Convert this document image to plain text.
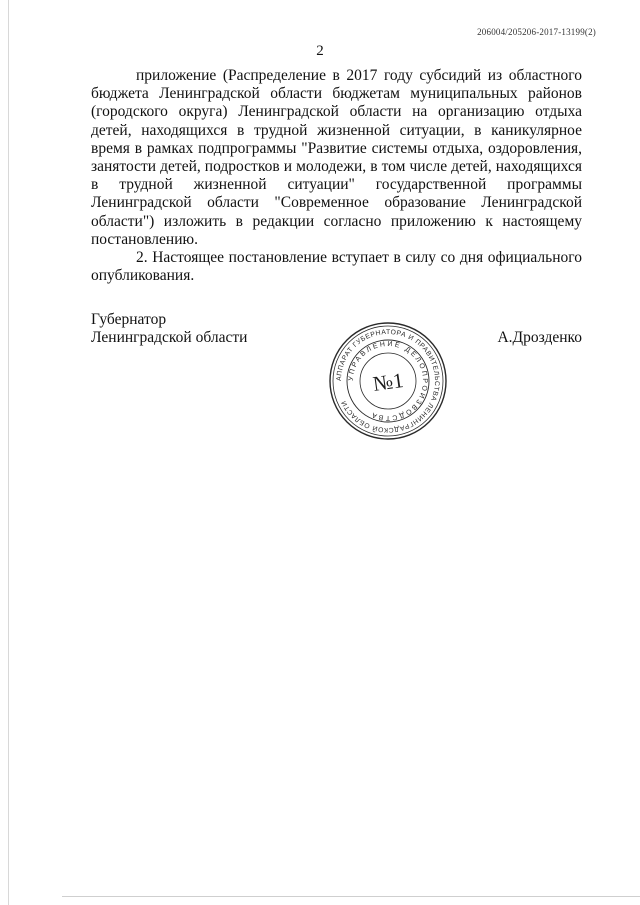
206004/205206-2017-13199(2)
2

приложение (Распределение в 2017 году субсидий из областного бюджета Ленинградской области бюджетам муниципальных районов (городского округа) Ленинградской области на организацию отдыха детей, находящихся в трудной жизненной ситуации, в каникулярное время в рамках подпрограммы "Развитие системы отдыха, оздоровления, занятости детей, подростков и молодежи, в том числе детей, находящихся в трудной жизненной ситуации" государственной программы Ленинградской области "Современное образование Ленинградской области") изложить в редакции согласно приложению к настоящему постановлению.

2. Настоящее постановление вступает в силу со дня официального опубликования.

Губернатор
Ленинградской области
АППАРАТ ГУБЕРНАТОРА И ПРАВИТЕЛЬСТВА ЛЕНИНГРАДСКОЙ ОБЛАСТИ
УПРАВЛЕНИЕ ДЕЛОПРОИЗВОДСТВА
№1
А.Дрозденко
